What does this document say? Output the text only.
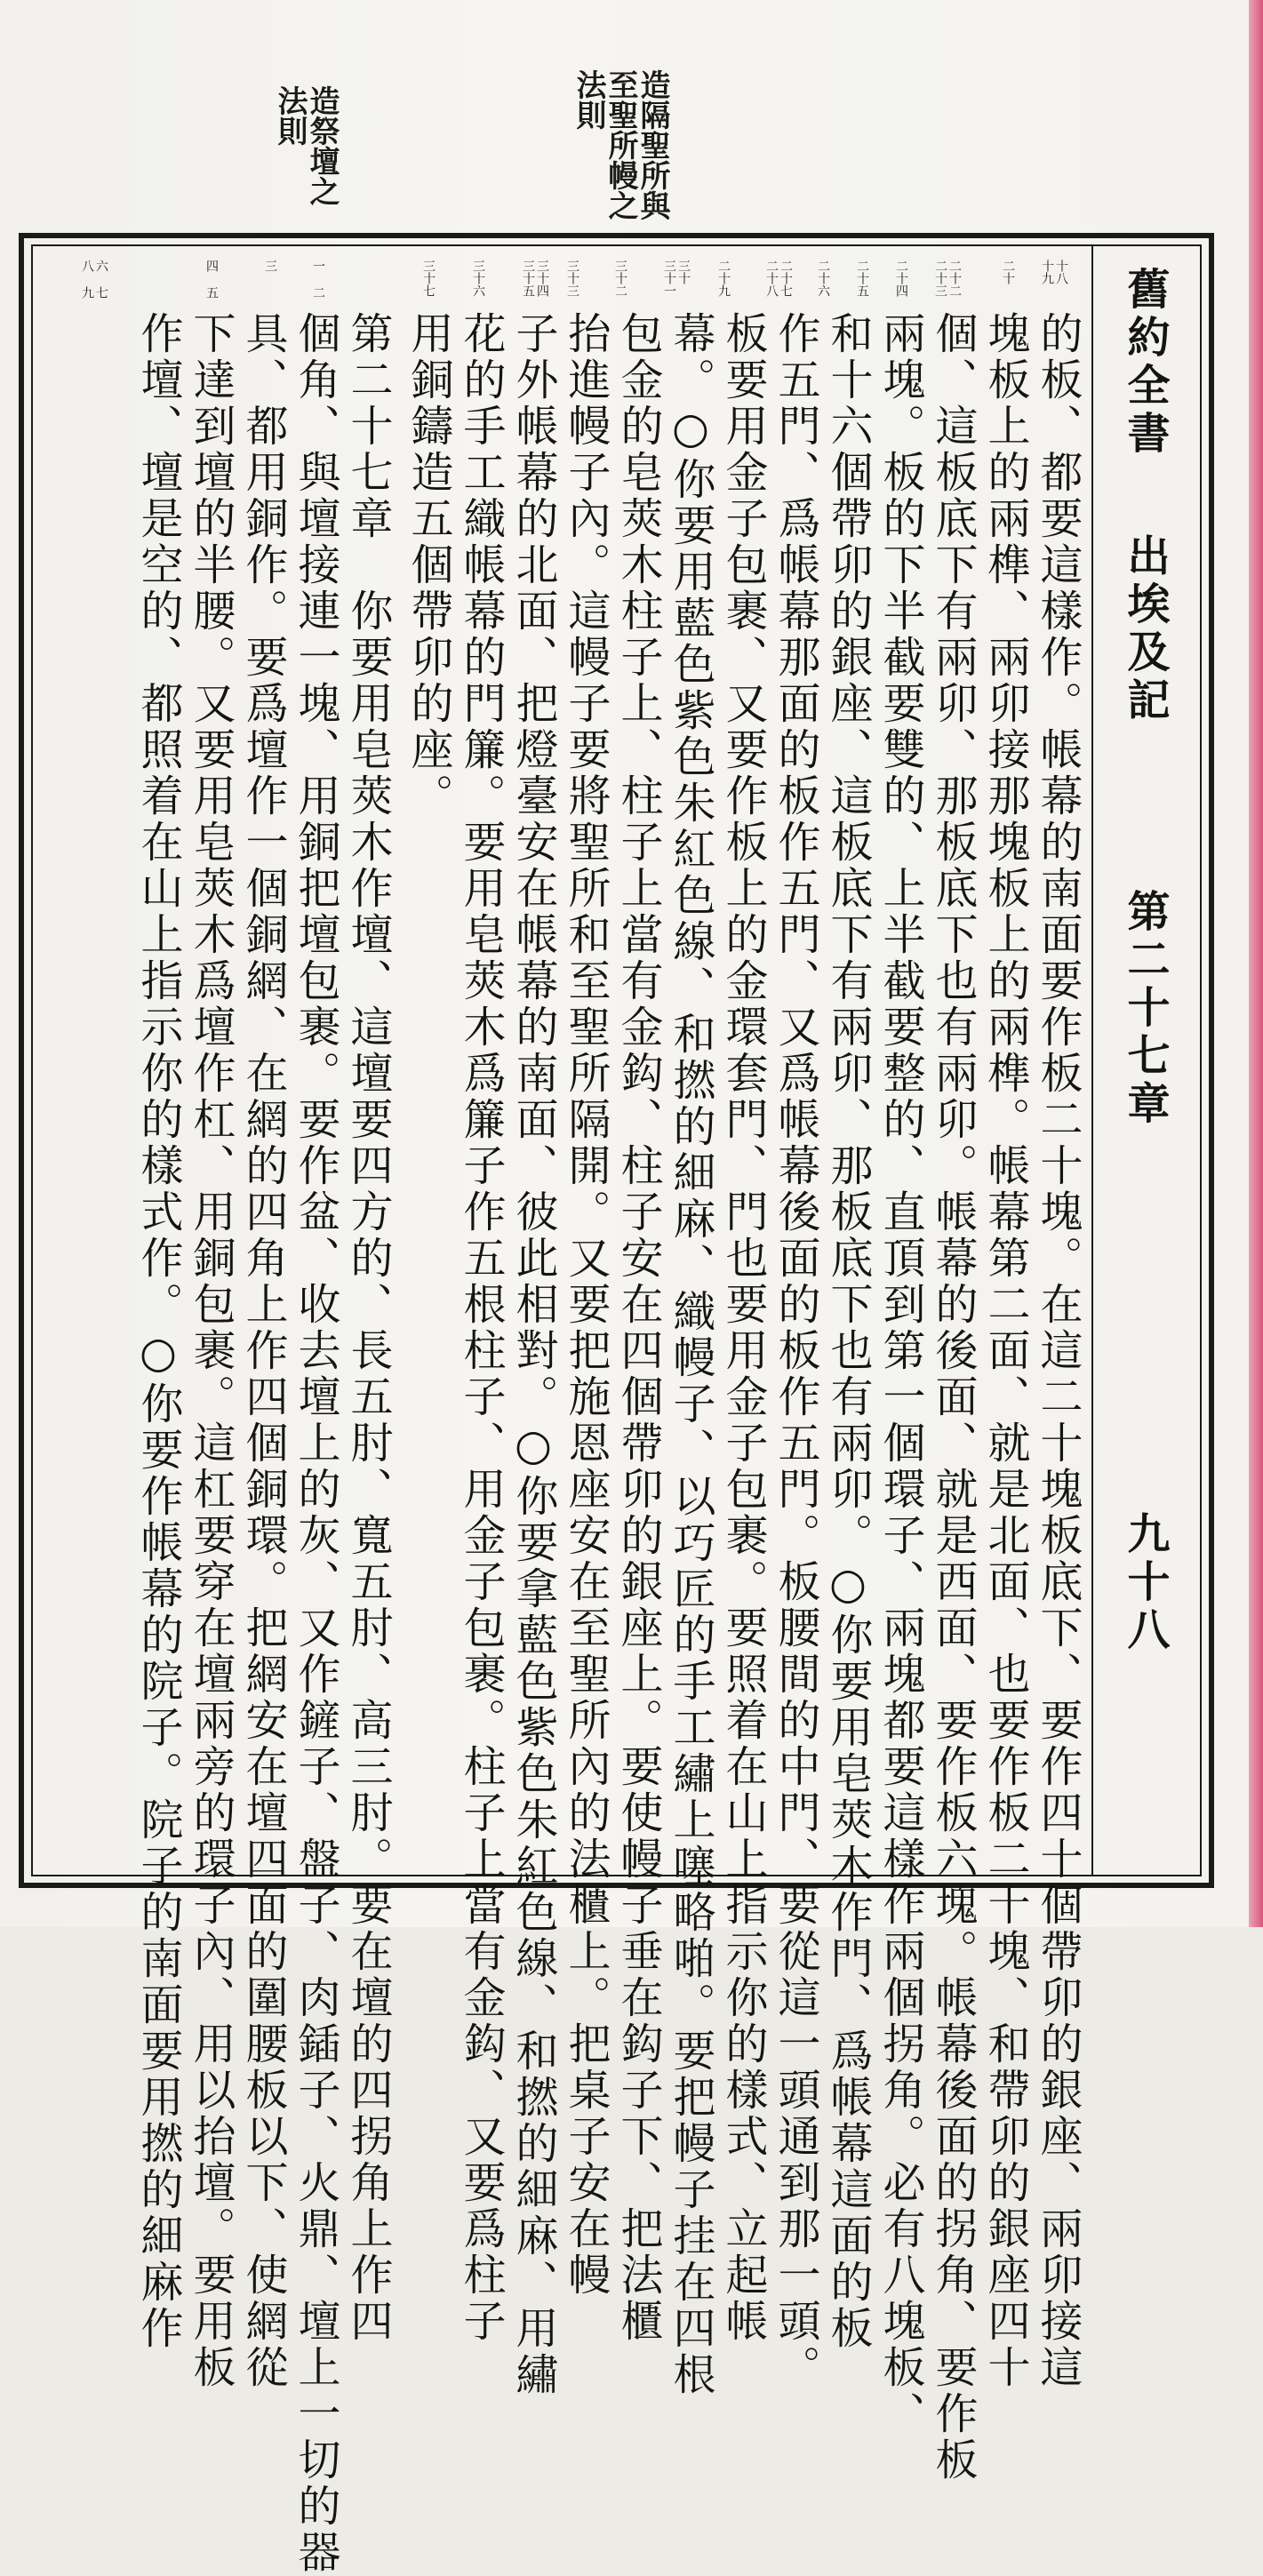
造隔聖所與至聖所幔之法則
造祭壇之法則
舊約全書
出埃及記
第二十七章
九十八
十八 十九
二十
二十二 二十三
二十四
二十五
二十六
二十七 二十八
二十九
三十 三十一
三十二
三十三
三十四 三十五
三十六
三十七
一 二
三
四 五
六 七 八 九
的板、都要這樣作。帳幕的南面要作板二十塊。在這二十塊板底下、要作四十個帶卯的銀座、兩卯接這
塊板上的兩榫、兩卯接那塊板上的兩榫。帳幕第二面、就是北面、也要作板二十塊、和帶卯的銀座四十
個、這板底下有兩卯、那板底下也有兩卯。帳幕的後面、就是西面、要作板六塊。帳幕後面的拐角、要作板
兩塊。板的下半截要雙的、上半截要整的、直頂到第一個環子、兩塊都要這樣作兩個拐角。必有八塊板、
和十六個帶卯的銀座、這板底下有兩卯、那板底下也有兩卯。○你要用皂莢木作門、爲帳幕這面的板
作五門、爲帳幕那面的板作五門、又爲帳幕後面的板作五門。板腰間的中門、要從這一頭通到那一頭。
板要用金子包裹、又要作板上的金環套門、門也要用金子包裹。要照着在山上指示你的樣式、立起帳
幕。○你要用藍色紫色朱紅色線、和撚的細麻、織幔子、以巧匠的手工繡上噻略啪。要把幔子挂在四根
包金的皂莢木柱子上、柱子上當有金鈎、柱子安在四個帶卯的銀座上。要使幔子垂在鈎子下、把法櫃
抬進幔子內。這幔子要將聖所和至聖所隔開。又要把施恩座安在至聖所內的法櫃上。把桌子安在幔
子外帳幕的北面、把燈臺安在帳幕的南面、彼此相對。○你要拿藍色紫色朱紅色線、和撚的細麻、用繡
花的手工織帳幕的門簾。要用皂莢木爲簾子作五根柱子、用金子包裹。柱子上當有金鈎、又要爲柱子
用銅鑄造五個帶卯的座。
第二十七章　你要用皂莢木作壇、這壇要四方的、長五肘、寬五肘、高三肘。要在壇的四拐角上作四
個角、與壇接連一塊、用銅把壇包裹。要作盆、收去壇上的灰、又作鏟子、盤子、肉鍤子、火鼎、壇上一切的器
具、都用銅作。要爲壇作一個銅網、在網的四角上作四個銅環。把網安在壇四面的圍腰板以下、使網從
下達到壇的半腰。又要用皂莢木爲壇作杠、用銅包裹。這杠要穿在壇兩旁的環子內、用以抬壇。要用板
作壇、壇是空的、都照着在山上指示你的樣式作。○你要作帳幕的院子。院子的南面要用撚的細麻作
